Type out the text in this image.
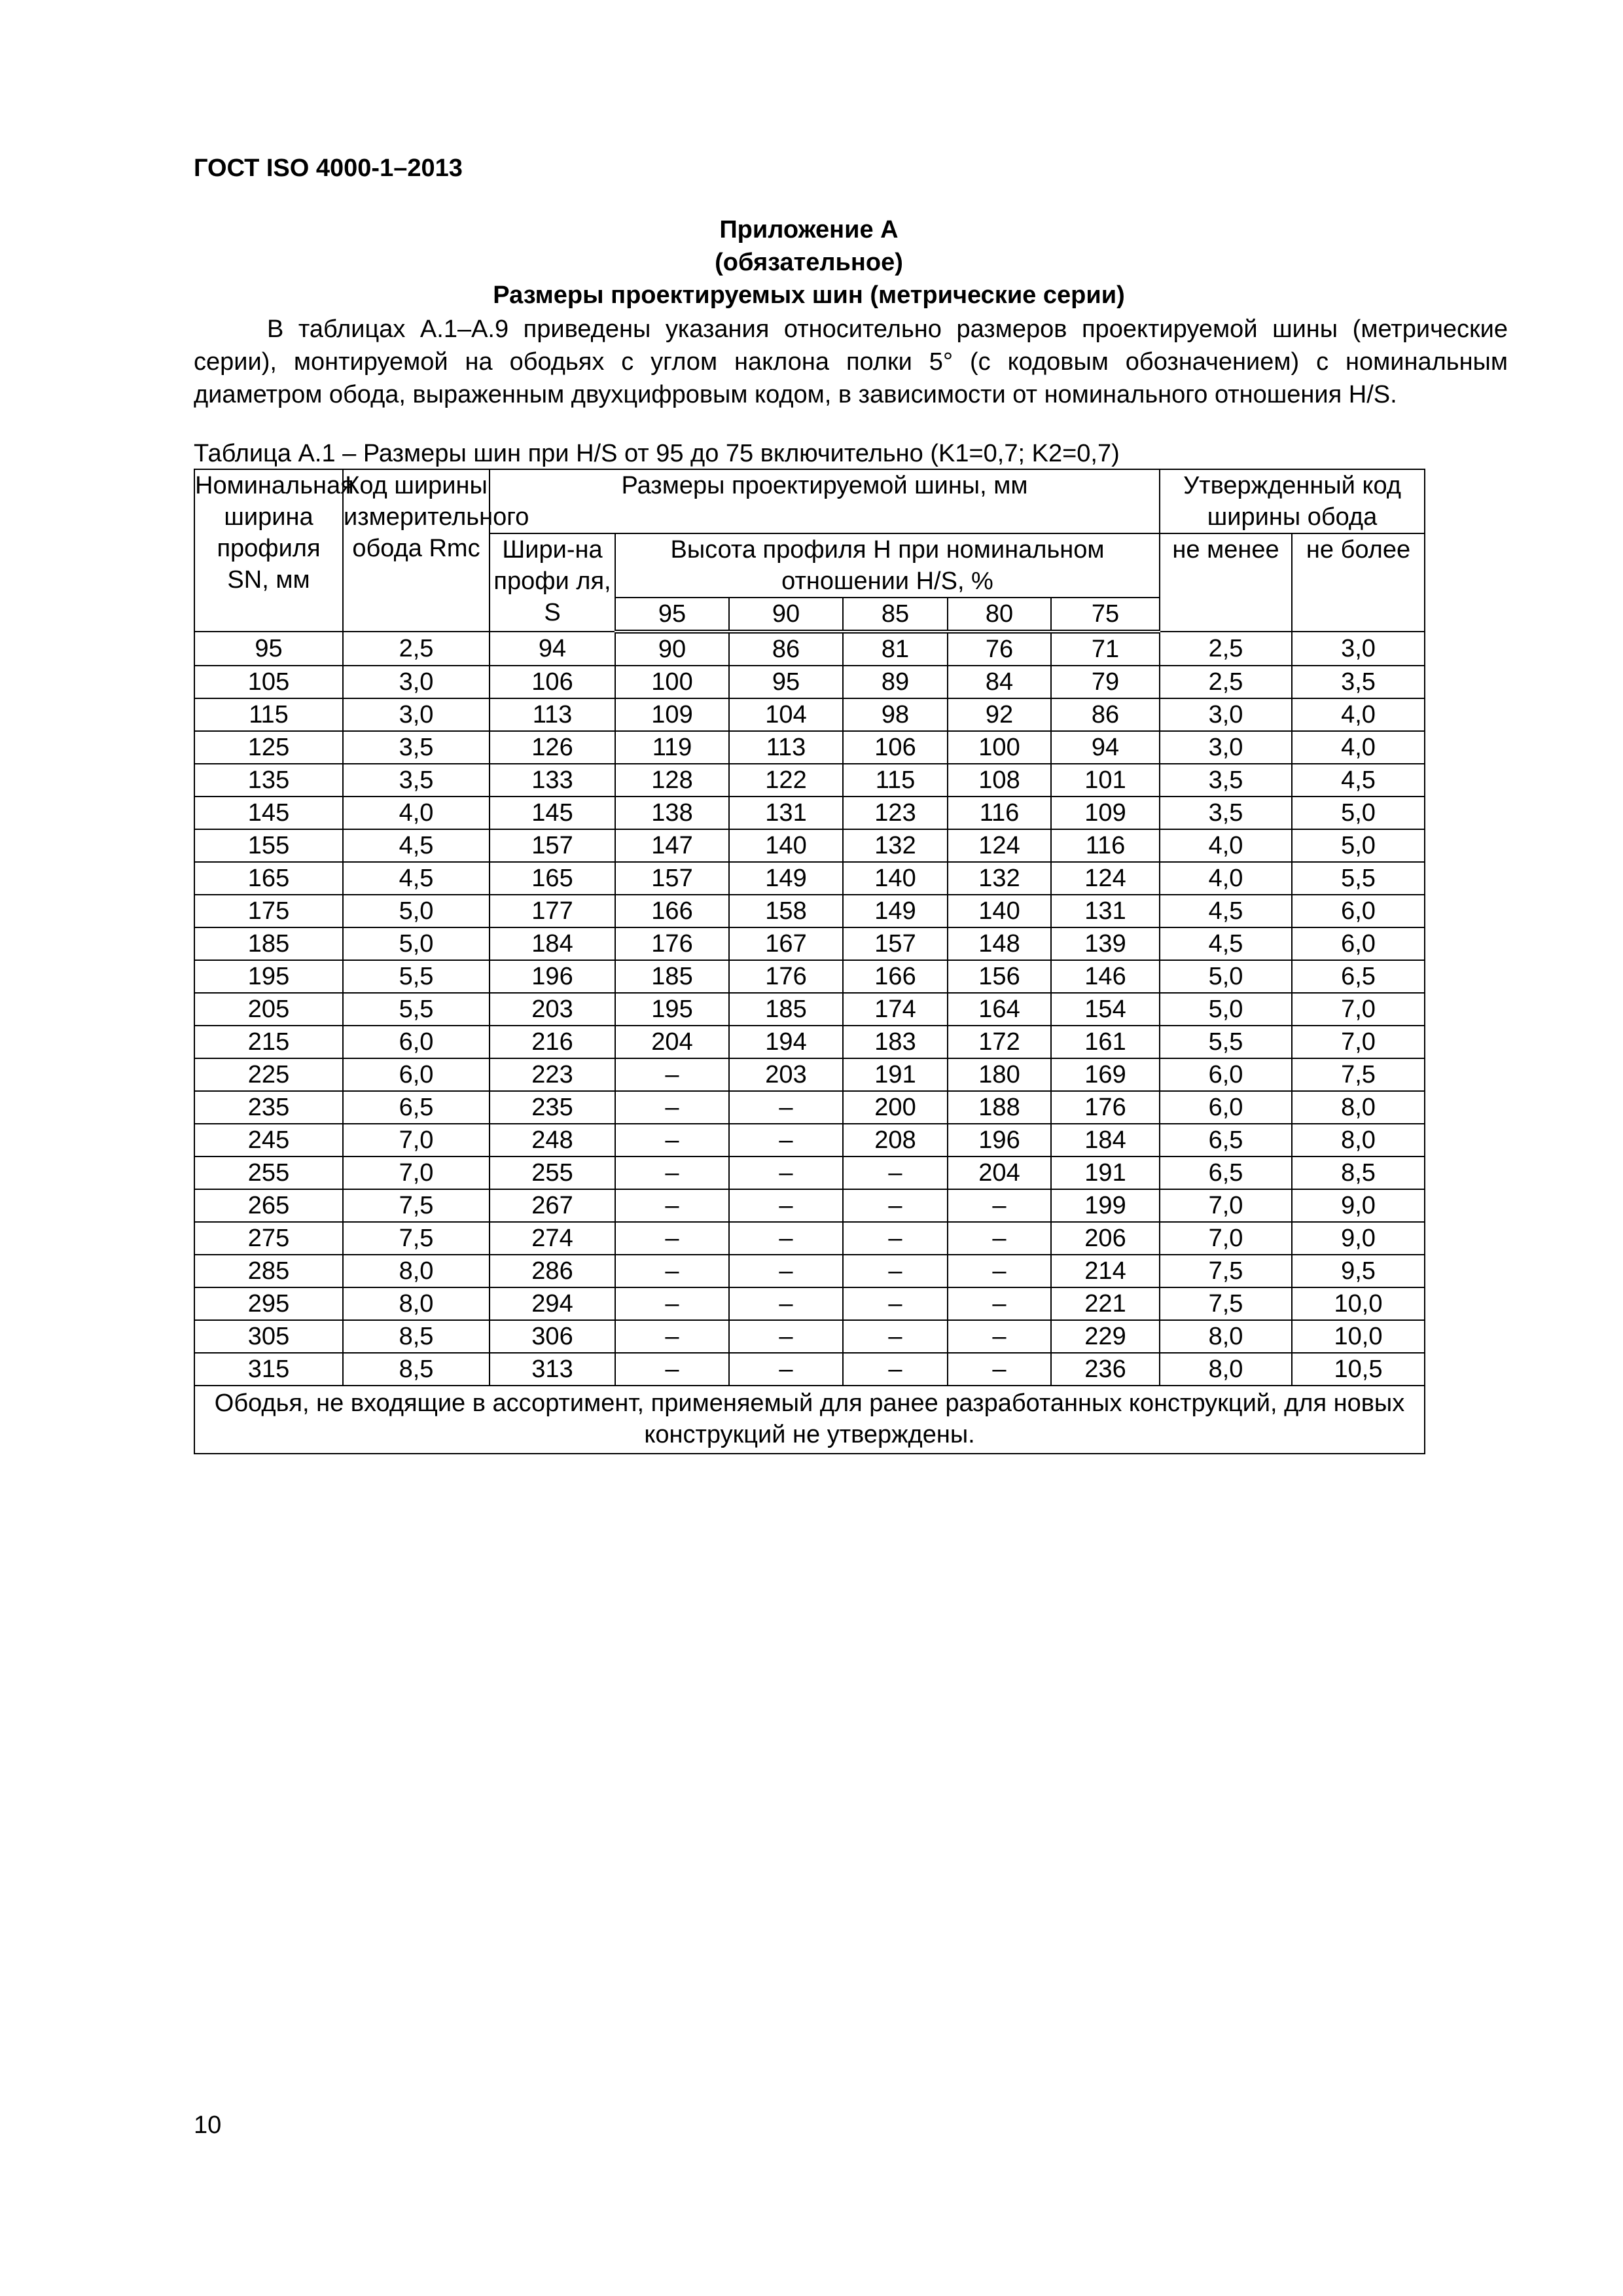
ГОСТ ISO 4000-1–2013
Приложение А
(обязательное)
Размеры проектируемых шин (метрические серии)
В таблицах А.1–А.9 приведены указания относительно размеров проектируемой шины (метрические серии), монтируемой на ободьях с углом наклона полки 5° (с кодовым обозначением) с номинальным диаметром обода, выраженным двухцифровым кодом, в зависимости от номинального отношения H/S.
Таблица А.1 – Размеры шин при H/S от 95 до 75 включительно (K1=0,7; K2=0,7)
Номинальная ширина профиля SN, мм	Код ширины измерительного обода Rmc	Размеры проектируемой шины, мм						Утвержденный код ширины обода	
		Шири-на профи ля, S	Высота профиля H при номинальном отношении H/S, %					не менее	не более
			95	90	85	80	75		
95	2,5	94	90	86	81	76	71	2,5	3,0
105	3,0	106	100	95	89	84	79	2,5	3,5
115	3,0	113	109	104	98	92	86	3,0	4,0
125	3,5	126	119	113	106	100	94	3,0	4,0
135	3,5	133	128	122	115	108	101	3,5	4,5
145	4,0	145	138	131	123	116	109	3,5	5,0
155	4,5	157	147	140	132	124	116	4,0	5,0
165	4,5	165	157	149	140	132	124	4,0	5,5
175	5,0	177	166	158	149	140	131	4,5	6,0
185	5,0	184	176	167	157	148	139	4,5	6,0
195	5,5	196	185	176	166	156	146	5,0	6,5
205	5,5	203	195	185	174	164	154	5,0	7,0
215	6,0	216	204	194	183	172	161	5,5	7,0
225	6,0	223	–	203	191	180	169	6,0	7,5
235	6,5	235	–	–	200	188	176	6,0	8,0
245	7,0	248	–	–	208	196	184	6,5	8,0
255	7,0	255	–	–	–	204	191	6,5	8,5
265	7,5	267	–	–	–	–	199	7,0	9,0
275	7,5	274	–	–	–	–	206	7,0	9,0
285	8,0	286	–	–	–	–	214	7,5	9,5
295	8,0	294	–	–	–	–	221	7,5	10,0
305	8,5	306	–	–	–	–	229	8,0	10,0
315	8,5	313	–	–	–	–	236	8,0	10,5
Ободья, не входящие в ассортимент, применяемый для ранее разработанных конструкций, для новых конструкций не утверждены.									
10
